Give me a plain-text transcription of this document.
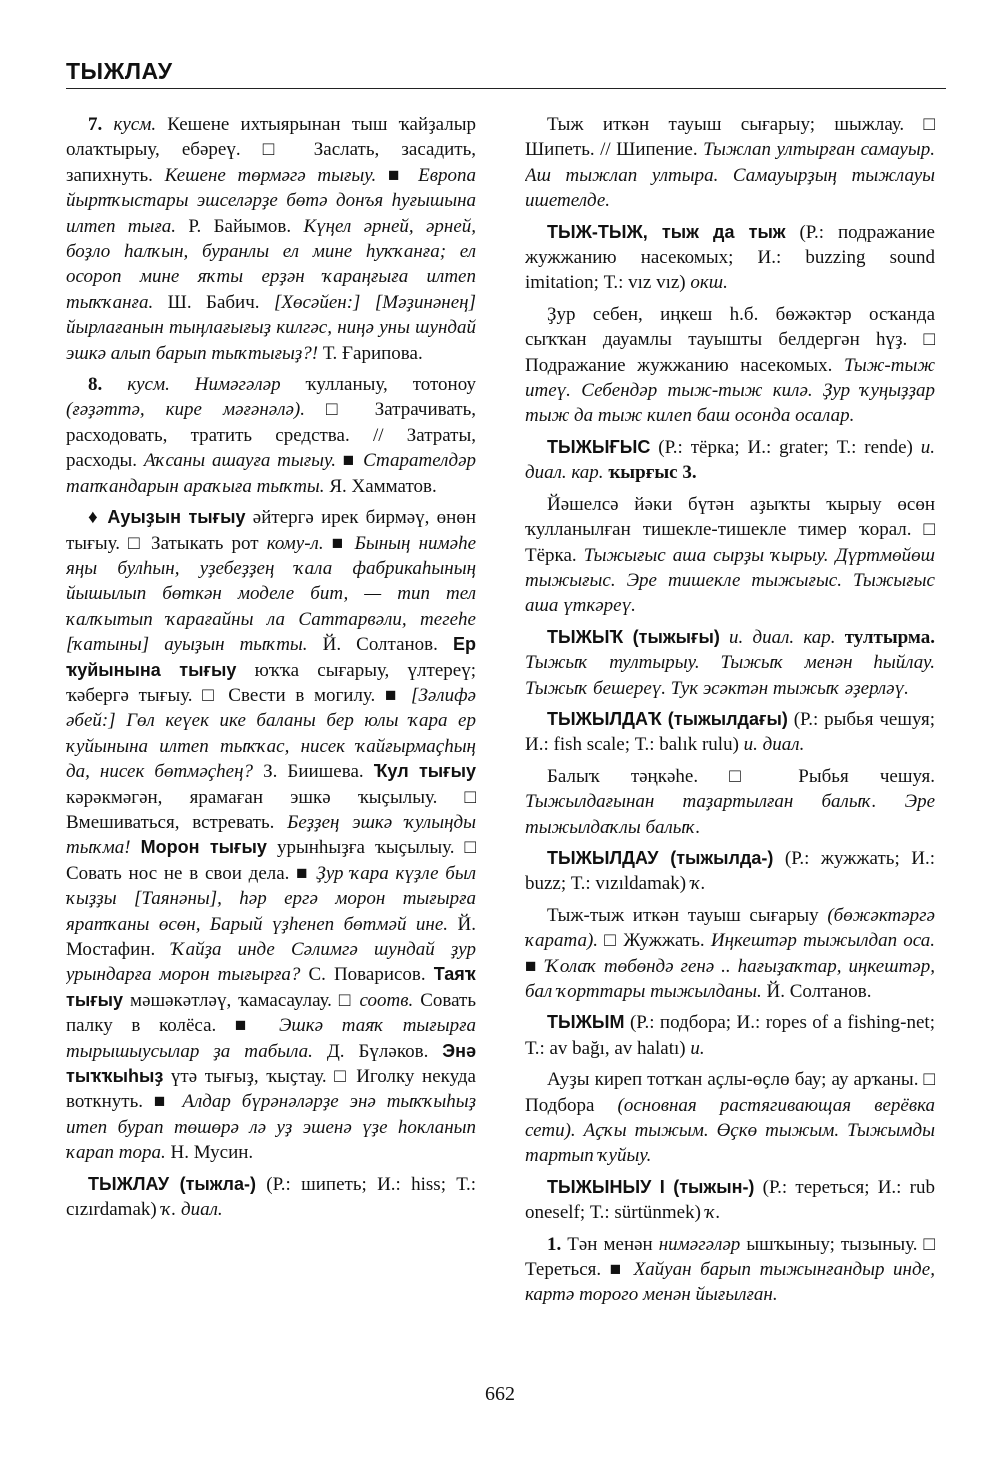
ТЫЖЛАУ

7. кусм. Кешене ихтыярынан тыш ҡайҙалыр олаҡтырыу, ебәреү. □ Заслать, засадить, запихнуть. Кешене төрмәгә тығыу. ■ Европа йыртҡыстары эшселәрҙе бөтә донъя һуғышына илтеп тыға. Р. Байымов. Күңел әрней, әрней, боҙло һалҡын, буранлы ел мине һуҡҡанға; ел осороп мине яҡты ерҙән ҡараңғыға илтеп тыҡҡанға. Ш. Бабич. [Хөсәйен:] [Мәҙинәнең] йырлағанын тыңлағығыҙ килгәс, ниңә уны шундай эшкә алып барып тыҡтығыҙ?! Т. Ғарипова.

8. кусм. Нимәгәләр ҡулланыу, тотоноу (ғәҙәттә, кире мәғәнәлә). □ Затрачивать, расходовать, тратить средства. // Затраты, расходы. Аҡсаны ашауға тығыу. ■ Старателдәр тапҡандарын араҡыға тыҡты. Я. Хамматов.

♦ Ауыҙын тығыу әйтергә ирек бирмәү, өнөн тығыу. □ Затыкать рот кому-л. ■ Бының нимәһе яңы булһын, уҙебеҙҙең ҡала фабрикаһының йышылып бөткән моделе бит, — тип тел ҡалҡытып ҡарағайны ла Саттарвәли, тегеһе [ҡатыны] ауыҙын тыҡты. Й. Солтанов. Ер ҡуйынына тығыу юҡҡа сығарыу, үлтереү; ҡәбергә тығыу. □ Свести в могилу. ■ [Зәлифә әбей:] Гөл кеүек ике баланы бер юлы ҡара ер ҡуйынына илтеп тыҡҡас, нисек ҡайғырмаҫһың да, нисек бөтмәҫһең? З. Биишева. Ҡул тығыу кәрәкмәгән, ярамаған эшкә ҡыҫылыу. □ Вмешиваться, встревать. Беҙҙең эшкә ҡулыңды тыҡма! Морон тығыу урынһыҙға ҡыҫылыу. □ Совать нос не в свои дела. ■ Ҙур ҡара күҙле был ҡыҙҙы [Таянәны], һәр ергә морон тығырға яратҡаны өсөн, Барый үҙһенеп бөтмәй ине. Й. Мостафин. Ҡайҙа инде Сәлимгә шундай ҙур урындарға морон тығырға? С. Поварисов. Таяҡ тығыу мәшәкәтләү, ҡамасаулау. □ соотв. Совать палку в колёса. ■ Эшкә таяҡ тығырға тырышыусылар ҙа табыла. Д. Бүләков. Энә тыҡҡыһыҙ үтә тығыҙ, ҡыҫтау. □ Иголку некуда воткнуть. ■ Алдар бүрәнәләрҙе энә тыҡҡыһыҙ итеп бурап төшөрә лә уҙ эшенә үҙе һокланып ҡарап тора. Н. Мусин.

ТЫЖЛАУ (тыжла-) (Р.: шипеть; И.: hiss; Т.: cızırdamak) ҡ. диал.

Тыж иткән тауыш сығарыу; шыжлау. □ Шипеть. // Шипение. Тыжлап ултырған самауыр. Аш тыжлап ултыра. Самауырҙың тыжлауы ишетелде.

ТЫЖ-ТЫЖ, тыж да тыж (Р.: подражание жужжанию насекомых; И.: buzzing sound imitation; Т.: vız vız) окш.

Ҙур себен, иңкеш һ.б. бөжәктәр осҡанда сыҡҡан дауамлы тауышты белдергән һүҙ. □ Подражание жужжанию насекомых. Тыж-тыж итеү. Себендәр тыж-тыж килә. Ҙур ҡуңыҙҙар тыж да тыж килеп баш осонда осалар.

ТЫЖЫҒЫС (Р.: тёрка; И.: grater; Т.: rende) и. диал. кар. ҡырғыс 3.

Йәшелсә йәки бүтән аҙыҡты ҡырыу өсөн ҡулланылған тишекле-тишекле тимер ҡорал. □ Тёрка. Тыжығыс аша сырҙы ҡырыу. Дүртмөйөш тыжығыс. Эре тишекле тыжығыс. Тыжығыс аша үткәреү.

ТЫЖЫҠ (тыжығы) и. диал. кар. тултырма. Тыжыҡ тултырыу. Тыжыҡ менән һыйлау. Тыжыҡ бешереү. Тук эсәктән тыжыҡ әҙерләү.

ТЫЖЫЛДАҠ (тыжылдағы) (Р.: рыбья чешуя; И.: fish scale; Т.: balık rulu) и. диал.

Балыҡ тәңкәһе. □ Рыбья чешуя. Тыжылдағынан таҙартылған балыҡ. Эре тыжылдаҡлы балыҡ.

ТЫЖЫЛДАУ (тыжылда-) (Р.: жужжать; И.: buzz; Т.: vızıldamak) ҡ.

Тыж-тыж иткән тауыш сығарыу (бөжәктәргә ҡарата). □ Жужжать. Иңкештәр тыжылдап оса. ■ Ҡолаҡ төбөндә генә .. һағыҙаҡтар, иңкештәр, бал ҡорттары тыжылданы. Й. Солтанов.

ТЫЖЫМ (Р.: подбора; И.: ropes of a fishing-net; Т.: av bağı, av halatı) и.

Ауҙы киреп тотҡан аҫлы-өҫлө бау; ау арҡаны. □ Подбора (основная растягивающая верёвка сети). Аҫҡы тыжым. Өҫкө тыжым. Тыжымды тартып ҡуйыу.

ТЫЖЫНЫУ I (тыжын-) (Р.: тереться; И.: rub oneself; Т.: sürtünmek) ҡ.

1. Тән менән нимәгәләр ышҡыныу; тызыныу. □ Тереться. ■ Хайуан барып тыжынғандыр инде, картә торого менән йығылған.

662
